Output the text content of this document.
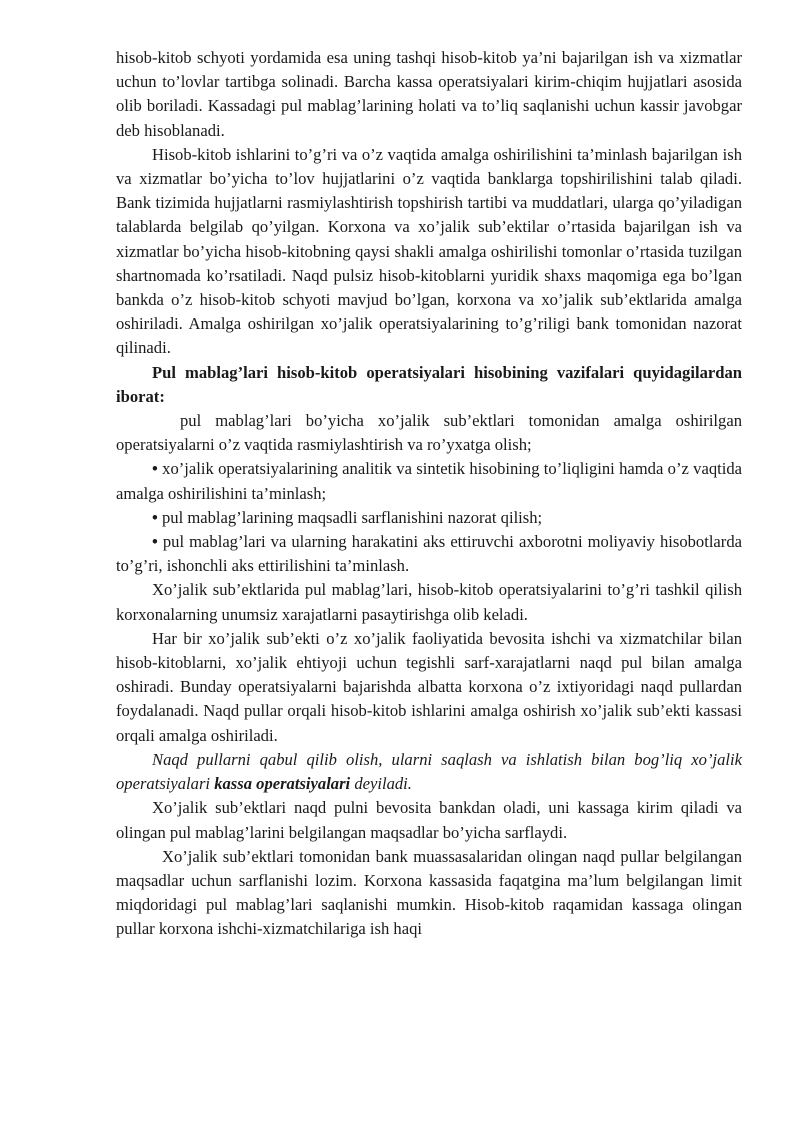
hisob-kitob schyoti yordamida esa uning tashqi hisob-kitob ya’ni bajarilgan ish va xizmatlar uchun to’lovlar tartibga solinadi. Barcha kassa operatsiyalari kirim-chiqim hujjatlari asosida olib boriladi. Kassadagi pul mablag’larining holati va to’liq saqlanishi uchun kassir javobgar deb hisoblanadi.

Hisob-kitob ishlarini to’g’ri va o’z vaqtida amalga oshirilishini ta’minlash bajarilgan ish va xizmatlar bo’yicha to’lov hujjatlarini o’z vaqtida banklarga topshirilishini talab qiladi. Bank tizimida hujjatlarni rasmiylashtirish topshirish tartibi va muddatlari, ularga qo’yiladigan talablarda belgilab qo’yilgan. Korxona va xo’jalik sub’ektilar o’rtasida bajarilgan ish va xizmatlar bo’yicha hisob-kitobning qaysi shakli amalga oshirilishi tomonlar o’rtasida tuzilgan shartnomada ko’rsatiladi. Naqd pulsiz hisob-kitoblarni yuridik shaxs maqomiga ega bo’lgan bankda o’z hisob-kitob schyoti mavjud bo’lgan, korxona va xo’jalik sub’ektlarida amalga oshiriladi. Amalga oshirilgan xo’jalik operatsiyalarining to’g’riligi bank tomonidan nazorat qilinadi.

Pul mablag’lari hisob-kitob operatsiyalari hisobining vazifalari quyidagilardan iborat:

pul mablag’lari bo’yicha xo’jalik sub’ektlari tomonidan amalga oshirilgan operatsiyalarni o’z vaqtida rasmiylashtirish va ro’yxatga olish;

• xo’jalik operatsiyalarining analitik va sintetik hisobining to’liqligini hamda o’z vaqtida amalga oshirilishini ta’minlash;

• pul mablag’larining maqsadli sarflanishini nazorat qilish;

• pul mablag’lari va ularning harakatini aks ettiruvchi axborotni moliyaviy hisobotlarda to’g’ri, ishonchli aks ettirilishini ta’minlash.

Xo’jalik sub’ektlarida pul mablag’lari, hisob-kitob operatsiyalarini to’g’ri tashkil qilish korxonalarning unumsiz xarajatlarni pasaytirishga olib keladi.

Har bir xo’jalik sub’ekti o’z xo’jalik faoliyatida bevosita ishchi va xizmatchilar bilan hisob-kitoblarni, xo’jalik ehtiyoji uchun tegishli sarf-xarajatlarni naqd pul bilan amalga oshiradi. Bunday operatsiyalarni bajarishda albatta korxona o’z ixtiyoridagi naqd pullardan foydalanadi. Naqd pullar orqali hisob-kitob ishlarini amalga oshirish xo’jalik sub’ekti kassasi orqali amalga oshiriladi.

Naqd pullarni qabul qilib olish, ularni saqlash va ishlatish bilan bog’liq xo’jalik operatsiyalari kassa operatsiyalari deyiladi.

Xo’jalik sub’ektlari naqd pulni bevosita bankdan oladi, uni kassaga kirim qiladi va olingan pul mablag’larini belgilangan maqsadlar bo’yicha sarflaydi.

Xo’jalik sub’ektlari tomonidan bank muassasalaridan olingan naqd pullar belgilangan maqsadlar uchun sarflanishi lozim. Korxona kassasida faqatgina ma’lum belgilangan limit miqdoridagi pul mablag’lari saqlanishi mumkin. Hisob-kitob raqamidan kassaga olingan pullar korxona ishchi-xizmatchilariga ish haqi
